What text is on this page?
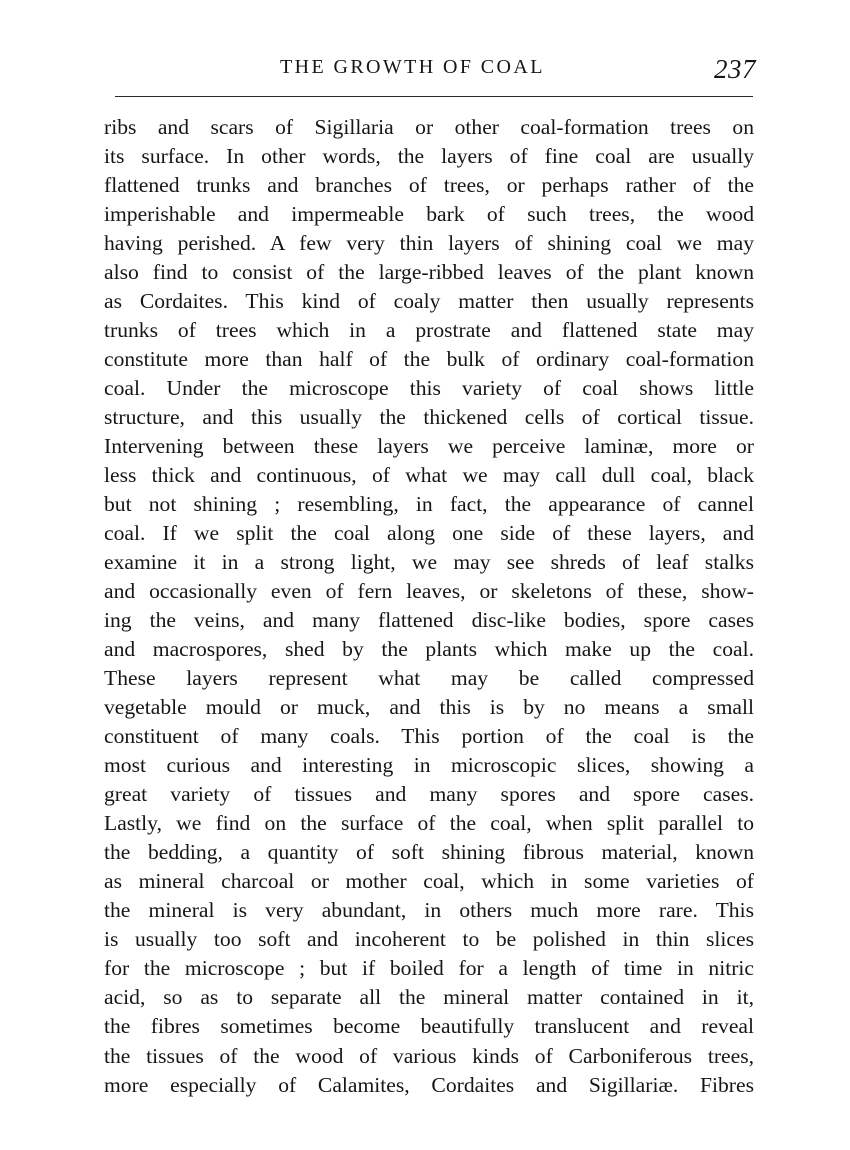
THE GROWTH OF COAL	237
ribs and scars of Sigillaria or other coal-formation trees on
its surface. In other words, the layers of fine coal are usually
flattened trunks and branches of trees, or perhaps rather of the
imperishable and impermeable bark of such trees, the wood
having perished. A few very thin layers of shining coal we may
also find to consist of the large-ribbed leaves of the plant known
as Cordaites. This kind of coaly matter then usually represents
trunks of trees which in a prostrate and flattened state may
constitute more than half of the bulk of ordinary coal-formation
coal. Under the microscope this variety of coal shows little
structure, and this usually the thickened cells of cortical tissue.
Intervening between these layers we perceive laminæ, more or
less thick and continuous, of what we may call dull coal, black
but not shining ; resembling, in fact, the appearance of cannel
coal. If we split the coal along one side of these layers, and
examine it in a strong light, we may see shreds of leaf stalks
and occasionally even of fern leaves, or skeletons of these, show-
ing the veins, and many flattened disc-like bodies, spore cases
and macrospores, shed by the plants which make up the coal.
These layers represent what may be called compressed
vegetable mould or muck, and this is by no means a small
constituent of many coals. This portion of the coal is the
most curious and interesting in microscopic slices, showing a
great variety of tissues and many spores and spore cases.
Lastly, we find on the surface of the coal, when split parallel to
the bedding, a quantity of soft shining fibrous material, known
as mineral charcoal or mother coal, which in some varieties of
the mineral is very abundant, in others much more rare. This
is usually too soft and incoherent to be polished in thin slices
for the microscope ; but if boiled for a length of time in nitric
acid, so as to separate all the mineral matter contained in it,
the fibres sometimes become beautifully translucent and reveal
the tissues of the wood of various kinds of Carboniferous trees,
more especially of Calamites, Cordaites and Sigillariæ. Fibres
